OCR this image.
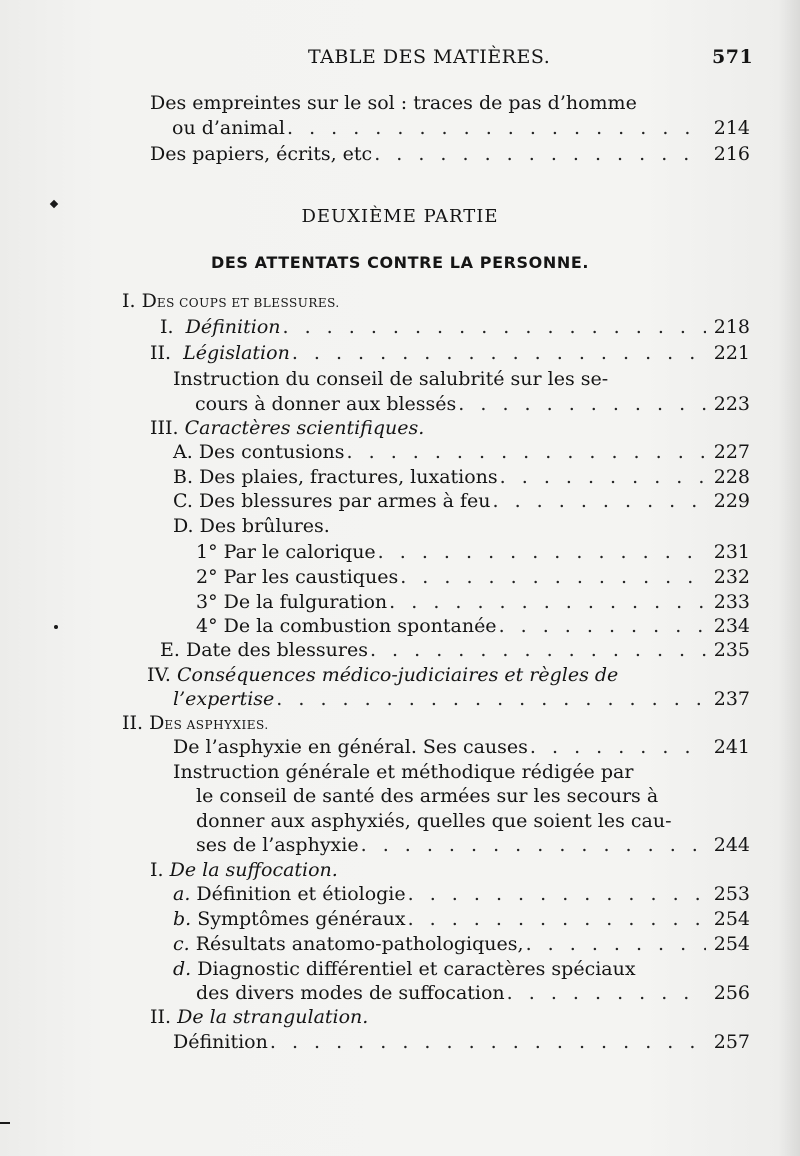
TABLE DES MATIÈRES.	571
Des empreintes sur le sol : traces de pas d’homme
ou d’animal . . .	214
Des papiers, écrits, etc . . .	216
DEUXIÈME PARTIE
DES ATTENTATS CONTRE LA PERSONNE.
I. DES COUPS ET BLESSURES.
I. Définition . . .	218
II. Législation . . .	221
Instruction du conseil de salubrité sur les se-
cours à donner aux blessés . . .	223
III. Caractères scientifiques.
A. Des contusions . . .	227
B. Des plaies, fractures, luxations . . .	228
C. Des blessures par armes à feu . . .	229
D. Des brûlures.
1° Par le calorique . . .	231
2° Par les caustiques . . .	232
3° De la fulguration . . .	233
4° De la combustion spontanée . . .	234
E. Date des blessures . . .	235
IV. Conséquences médico-judiciaires et règles de
l’expertise . . .	237
II. DES ASPHYXIES.
De l’asphyxie en général. Ses causes . . .	241
Instruction générale et méthodique rédigée par
le conseil de santé des armées sur les secours à
donner aux asphyxiés, quelles que soient les cau-
ses de l’asphyxie . . .	244
I. De la suffocation.
a. Définition et étiologie . . .	253
b. Symptômes généraux . . .	254
c. Résultats anatomo-pathologiques, . . .	254
d. Diagnostic différentiel et caractères spéciaux
des divers modes de suffocation . . .	256
II. De la strangulation.
Définition . . .	257
